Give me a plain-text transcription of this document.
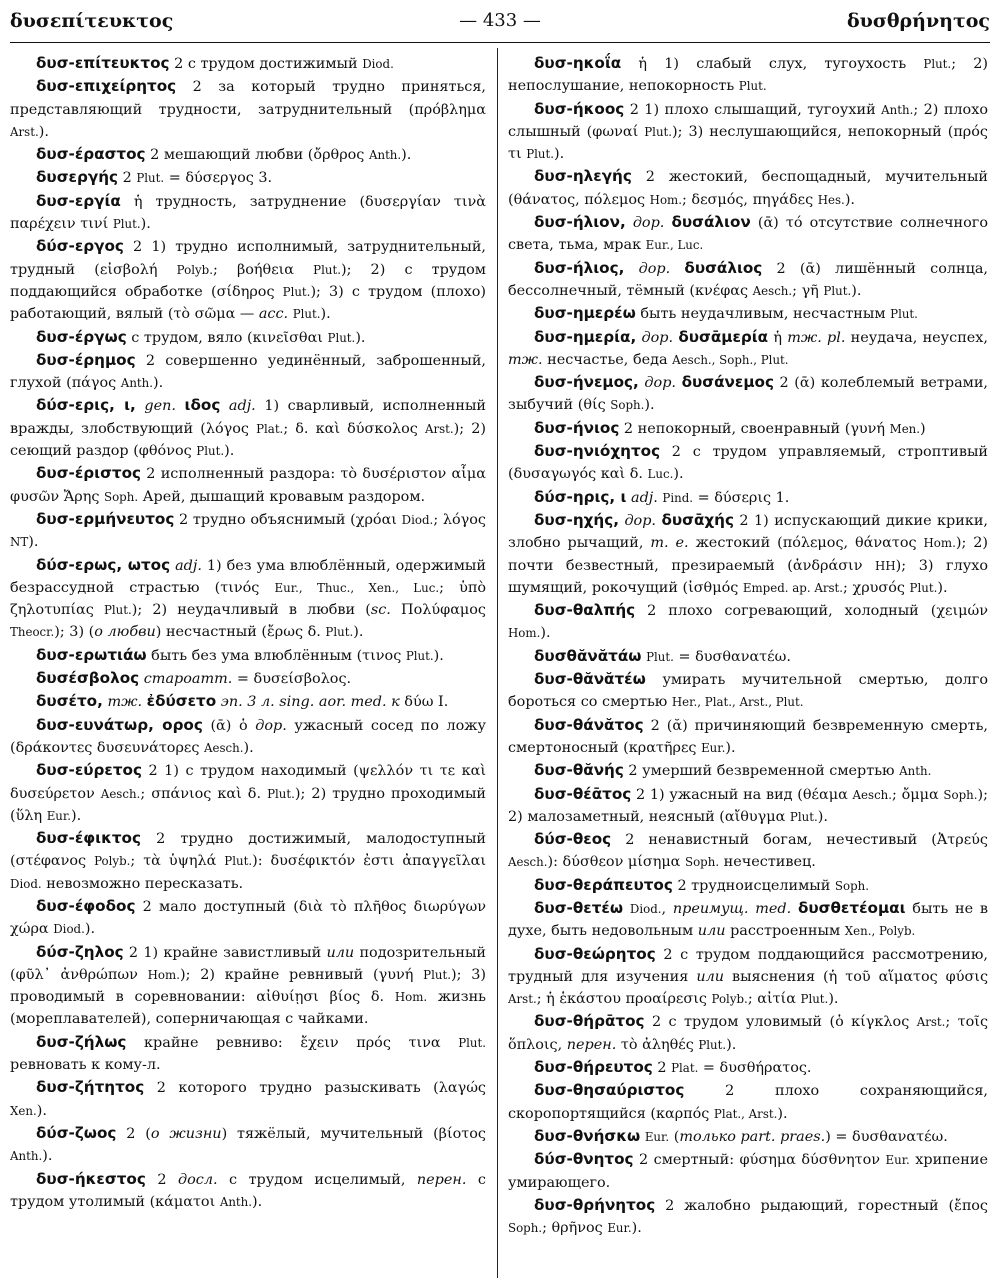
δυσεπίτευκτος	— 433 —	δυσθρήνητος

δυσ-επίτευκτος 2 с трудом достижимый Diod.

δυσ-επιχείρητος 2 за который трудно приняться, представляющий трудности, затруднительный (πρόβλημα Arst.).

δυσ-έραστος 2 мешающий любви (ὄρθρος Anth.).

δυσεργής 2 Plut. = δύσεργος 3.

δυσ-εργία ἡ трудность, затруднение (δυσεργίαν τινὰ παρέχειν τινί Plut.).

δύσ-εργος 2 1) трудно исполнимый, затруднительный, трудный (εἰσβολή Polyb.; βοήθεια Plut.); 2) с трудом поддающийся обработке (σίδηρος Plut.); 3) с трудом (плохо) работающий, вялый (τὸ σῶμα — acc. Plut.).

δυσ-έργως с трудом, вяло (κινεῖσθαι Plut.).

δυσ-έρημος 2 совершенно уединённый, заброшенный, глухой (πάγος Anth.).

δύσ-ερις, ι, gen. ιδος adj. 1) сварливый, исполненный вражды, злобствующий (λόγος Plat.; δ. καὶ δύσκολος Arst.); 2) сеющий раздор (φθόνος Plut.).

δυσ-έριστος 2 исполненный раздора: τὸ δυσέριστον αἷμα φυσῶν Ἄρης Soph. Арей, дышащий кровавым раздором.

δυσ-ερμήνευτος 2 трудно объяснимый (χρόαι Diod.; λόγος NT).

δύσ-ερως, ωτος adj. 1) без ума влюблённый, одержимый безрассудной страстью (τινός Eur., Thuc., Xen., Luc.; ὑπὸ ζηλοτυπίας Plut.); 2) неудачливый в любви (sc. Πολύφαμος Theocr.); 3) (о любви) несчастный (ἔρως δ. Plut.).

δυσ-ερωτιάω быть без ума влюблённым (τινος Plut.).

δυσέσβολος староатт. = δυσείσβολος.

δυσέτο, тж. ἐδύσετο эп. 3 л. sing. aor. med. к δύω I.

δυσ-ευνάτωρ, ορος (ᾱ) ὁ дор. ужасный сосед по ложу (δράκοντες δυσευνάτορες Aesch.).

δυσ-εύρετος 2 1) с трудом находимый (ψελλόν τι τε καὶ δυσεύρετον Aesch.; σπάνιος καὶ δ. Plut.); 2) трудно проходимый (ὕλη Eur.).

δυσ-έφικτος 2 трудно достижимый, малодоступный (στέφανος Polyb.; τὰ ὑψηλά Plut.): δυσέφικτόν ἐστι ἀπαγγεῖλαι Diod. невозможно пересказать.

δυσ-έφοδος 2 мало доступный (διὰ τὸ πλῆθος διωρύγων χώρα Diod.).

δύσ-ζηλος 2 1) крайне завистливый или подозрительный (φῦλ᾽ ἀνθρώπων Hom.); 2) крайне ревнивый (γυνή Plut.); 3) проводимый в соревновании: αἰθυίῃσι βίος δ. Hom. жизнь (мореплавателей), соперничающая с чайками.

δυσ-ζήλως крайне ревниво: ἔχειν πρός τινα Plut. ревновать к кому-л.

δυσ-ζήτητος 2 которого трудно разыскивать (λαγώς Xen.).

δύσ-ζωος 2 (о жизни) тяжёлый, мучительный (βίοτος Anth.).

δυσ-ήκεστος 2 досл. с трудом исцелимый, перен. с трудом утолимый (κάματοι Anth.).

δυσ-ηκοΐα ἡ 1) слабый слух, тугоухость Plut.; 2) непослушание, непокорность Plut.

δυσ-ήκοος 2 1) плохо слышащий, тугоухий Anth.; 2) плохо слышный (φωναί Plut.); 3) неслушающийся, непокорный (πρός τι Plut.).

δυσ-ηλεγής 2 жестокий, беспощадный, мучительный (θάνατος, πόλεμος Hom.; δεσμός, πηγάδες Hes.).

δυσ-ήλιον, дор. δυσάλιον (ᾱ) τό отсутствие солнечного света, тьма, мрак Eur., Luc.

δυσ-ήλιος, дор. δυσάλιος 2 (ᾱ) лишённый солнца, бессолнечный, тёмный (κνέφας Aesch.; γῆ Plut.).

δυσ-ημερέω быть неудачливым, несчастным Plut.

δυσ-ημερία, дор. δυσᾱμερία ἡ тж. pl. неудача, неуспех, тж. несчастье, беда Aesch., Soph., Plut.

δυσ-ήνεμος, дор. δυσάνεμος 2 (ᾱ) колеблемый ветрами, зыбучий (θίς Soph.).

δυσ-ήνιος 2 непокорный, своенравный (γυνή Men.)

δυσ-ηνιόχητος 2 с трудом управляемый, строптивый (δυσαγωγός καὶ δ. Luc.).

δύσ-ηρις, ι adj. Pind. = δύσερις 1.

δυσ-ηχής, дор. δυσᾱχής 2 1) испускающий дикие крики, злобно рычащий, т. е. жестокий (πόλεμος, θάνατος Hom.); 2) почти безвестный, презираемый (ἀνδράσιν HH); 3) глухо шумящий, рокочущий (ἰσθμός Emped. ap. Arst.; χρυσός Plut.).

δυσ-θαλπής 2 плохо согревающий, холодный (χειμών Hom.).

δυσθᾰνᾰτάω Plut. = δυσθανατέω.

δυσ-θᾰνᾰτέω умирать мучительной смертью, долго бороться со смертью Her., Plat., Arst., Plut.

δυσ-θάνᾰτος 2 (ᾰ) причиняющий безвременную смерть, смертоносный (κρατῆρες Eur.).

δυσ-θᾰνής 2 умерший безвременной смертью Anth.

δυσ-θέᾱτος 2 1) ужасный на вид (θέαμα Aesch.; ὄμμα Soph.); 2) малозаметный, неясный (αἴθυγμα Plut.).

δύσ-θεος 2 ненавистный богам, нечестивый (Ἀτρεύς Aesch.): δύσθεον μίσημα Soph. нечестивец.

δυσ-θεράπευτος 2 трудноисцелимый Soph.

δυσ-θετέω Diod., преимущ. med. δυσθετέομαι быть не в духе, быть недовольным или расстроенным Xen., Polyb.

δυσ-θεώρητος 2 с трудом поддающийся рассмотрению, трудный для изучения или выяснения (ἡ τοῦ αἵματος φύσις Arst.; ἡ ἑκάστου προαίρεσις Polyb.; αἰτία Plut.).

δυσ-θήρᾱτος 2 с трудом уловимый (ὁ κίγκλος Arst.; τοῖς ὅπλοις, перен. τὸ ἀληθές Plut.).

δυσ-θήρευτος 2 Plat. = δυσθήρατος.

δυσ-θησαύριστος 2 плохо сохраняющийся, скоропортящийся (καρπός Plat., Arst.).

δυσ-θνήσκω Eur. (только part. praes.) = δυσθανατέω.

δύσ-θνητος 2 смертный: φύσημα δύσθνητον Eur. хрипение умирающего.

δυσ-θρήνητος 2 жалобно рыдающий, горестный (ἔπος Soph.; θρῆνος Eur.).
